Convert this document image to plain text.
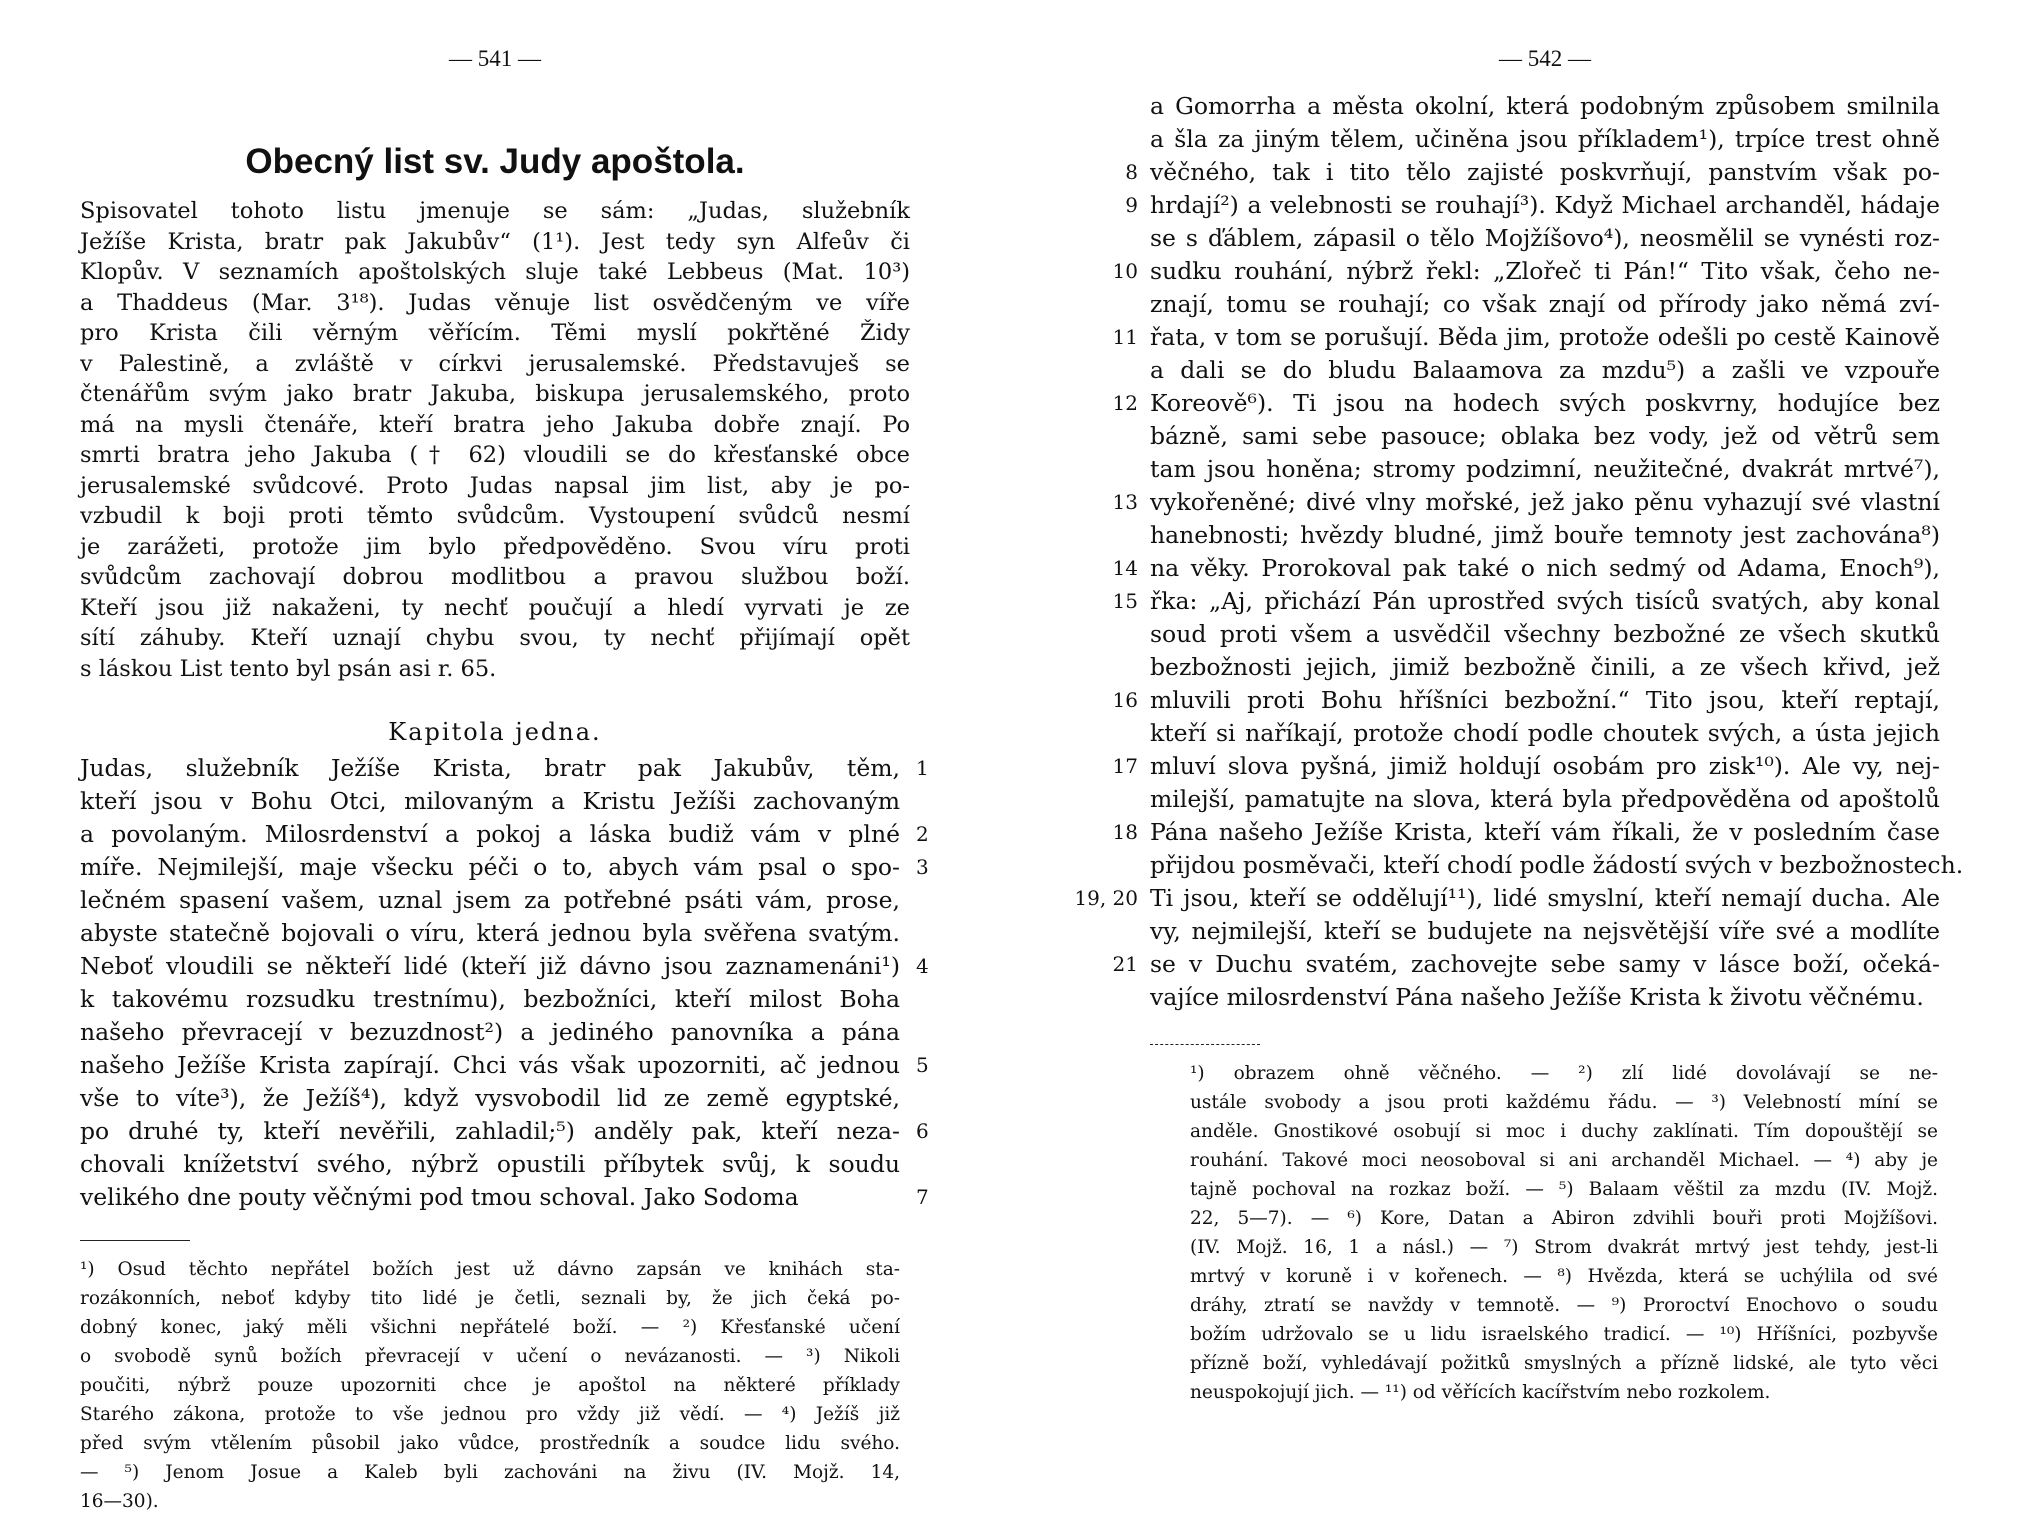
— 541 —
Obecný list sv. Judy apoštola.
Spisovatel tohoto listu jmenuje se sám: „Judas, služebník
Ježíše Krista, bratr pak Jakubův“ (1¹). Jest tedy syn Alfeův či
Klopův. V seznamích apoštolských sluje také Lebbeus (Mat. 10³)
a Thaddeus (Mar. 3¹⁸). Judas věnuje list osvědčeným ve víře
pro Krista čili věrným věřícím. Těmi myslí pokřtěné Židy
v Palestině, a zvláště v církvi jerusalemské. Představuješ se
čtenářům svým jako bratr Jakuba, biskupa jerusalemského, proto
má na mysli čtenáře, kteří bratra jeho Jakuba dobře znají. Po
smrti bratra jeho Jakuba († 62) vloudili se do křesťanské obce
jerusalemské svůdcové. Proto Judas napsal jim list, aby je po-
vzbudil k boji proti těmto svůdcům. Vystoupení svůdců nesmí
je zarážeti, protože jim bylo předpověděno. Svou víru proti
svůdcům zachovají dobrou modlitbou a pravou službou boží.
Kteří jsou již nakaženi, ty nechť poučují a hledí vyrvati je ze
sítí záhuby. Kteří uznají chybu svou, ty nechť přijímají opět
s láskou List tento byl psán asi r. 65.
Kapitola jedna.
Judas, služebník Ježíše Krista, bratr pak Jakubův, těm, 1
kteří jsou v Bohu Otci, milovaným a Kristu Ježíši zachovaným
a povolaným. Milosrdenství a pokoj a láska budiž vám v plné 2
míře. Nejmilejší, maje všecku péči o to, abych vám psal o spo- 3
lečném spasení vašem, uznal jsem za potřebné psáti vám, prose,
abyste statečně bojovali o víru, která jednou byla svěřena svatým.
Neboť vloudili se někteří lidé (kteří již dávno jsou zaznamenáni¹) 4
k takovému rozsudku trestnímu), bezbožníci, kteří milost Boha
našeho převracejí v bezuzdnost²) a jediného panovníka a pána
našeho Ježíše Krista zapírají. Chci vás však upozorniti, ač jednou 5
vše to víte³), že Ježíš⁴), když vysvobodil lid ze země egyptské,
po druhé ty, kteří nevěřili, zahladil;⁵) anděly pak, kteří neza- 6
chovali knížetství svého, nýbrž opustili příbytek svůj, k soudu
velikého dne pouty věčnými pod tmou schoval. Jako Sodoma	7
¹) Osud těchto nepřátel božích jest už dávno zapsán ve knihách sta-
rozákonních, neboť kdyby tito lidé je četli, seznali by, že jich čeká po-
dobný konec, jaký měli všichni nepřátelé boží. — ²) Křesťanské učení
o svobodě synů božích převracejí v učení o nevázanosti. — ³) Nikoli
poučiti, nýbrž pouze upozorniti chce je apoštol na některé příklady
Starého zákona, protože to vše jednou pro vždy již vědí. — ⁴) Ježíš již
před svým vtělením působil jako vůdce, prostředník a soudce lidu svého.
— ⁵) Jenom Josue a Kaleb byli zachováni na živu (IV. Mojž. 14,
16—30).
— 542 —
a Gomorrha a města okolní, která podobným způsobem smilnila
a šla za jiným tělem, učiněna jsou příkladem¹), trpíce trest ohně
věčného, tak i tito tělo zajisté poskvrňují, panstvím však po-
8
hrdají²) a velebnosti se rouhají³). Když Michael archanděl, hádaje
9
se s ďáblem, zápasil o tělo Mojžíšovo⁴), neosmělil se vynésti roz-
sudku rouhání, nýbrž řekl: „Zlořeč ti Pán!“ Tito však, čeho ne-
10
znají, tomu se rouhají; co však znají od přírody jako němá zví-
řata, v tom se porušují. Běda jim, protože odešli po cestě Kainově
11
a dali se do bludu Balaamova za mzdu⁵) a zašli ve vzpouře
Koreově⁶). Ti jsou na hodech svých poskvrny, hodujíce bez
12
bázně, sami sebe pasouce; oblaka bez vody, jež od větrů sem
tam jsou honěna; stromy podzimní, neužitečné, dvakrát mrtvé⁷),
vykořeněné; divé vlny mořské, jež jako pěnu vyhazují své vlastní
13
hanebnosti; hvězdy bludné, jimž bouře temnoty jest zachována⁸)
na věky. Prorokoval pak také o nich sedmý od Adama, Enoch⁹),
14
řka: „Aj, přichází Pán uprostřed svých tisíců svatých, aby konal
15
soud proti všem a usvědčil všechny bezbožné ze všech skutků
bezbožnosti jejich, jimiž bezbožně činili, a ze všech křivd, jež
mluvili proti Bohu hříšníci bezbožní.“ Tito jsou, kteří reptají,
16
kteří si naříkají, protože chodí podle choutek svých, a ústa jejich
mluví slova pyšná, jimiž holdují osobám pro zisk¹⁰). Ale vy, nej-
17
milejší, pamatujte na slova, která byla předpověděna od apoštolů
Pána našeho Ježíše Krista, kteří vám říkali, že v posledním čase
18
přijdou posměvači, kteří chodí podle žádostí svých v bezbožnostech.
Ti jsou, kteří se oddělují¹¹), lidé smyslní, kteří nemají ducha. Ale
19, 20
vy, nejmilejší, kteří se budujete na nejsvětější víře své a modlíte
se v Duchu svatém, zachovejte sebe samy v lásce boží, očeká-
21
vajíce milosrdenství Pána našeho Ježíše Krista k životu věčnému.
¹) obrazem ohně věčného. — ²) zlí lidé dovolávají se ne-
ustále svobody a jsou proti každému řádu. — ³) Velebností míní se
anděle. Gnostikové osobují si moc i duchy zaklínati. Tím dopouštějí se
rouhání. Takové moci neosoboval si ani archanděl Michael. — ⁴) aby je
tajně pochoval na rozkaz boží. — ⁵) Balaam věštil za mzdu (IV. Mojž.
22, 5—7). — ⁶) Kore, Datan a Abiron zdvihli bouři proti Mojžíšovi.
(IV. Mojž. 16, 1 a násl.) — ⁷) Strom dvakrát mrtvý jest tehdy, jest-li
mrtvý v koruně i v kořenech. — ⁸) Hvězda, která se uchýlila od své
dráhy, ztratí se navždy v temnotě. — ⁹) Proroctví Enochovo o soudu
božím udržovalo se u lidu israelského tradicí. — ¹⁰) Hříšníci, pozbyvše
přízně boží, vyhledávají požitků smyslných a přízně lidské, ale tyto věci
neuspokojují jich. — ¹¹) od věřících kacířstvím nebo rozkolem.
